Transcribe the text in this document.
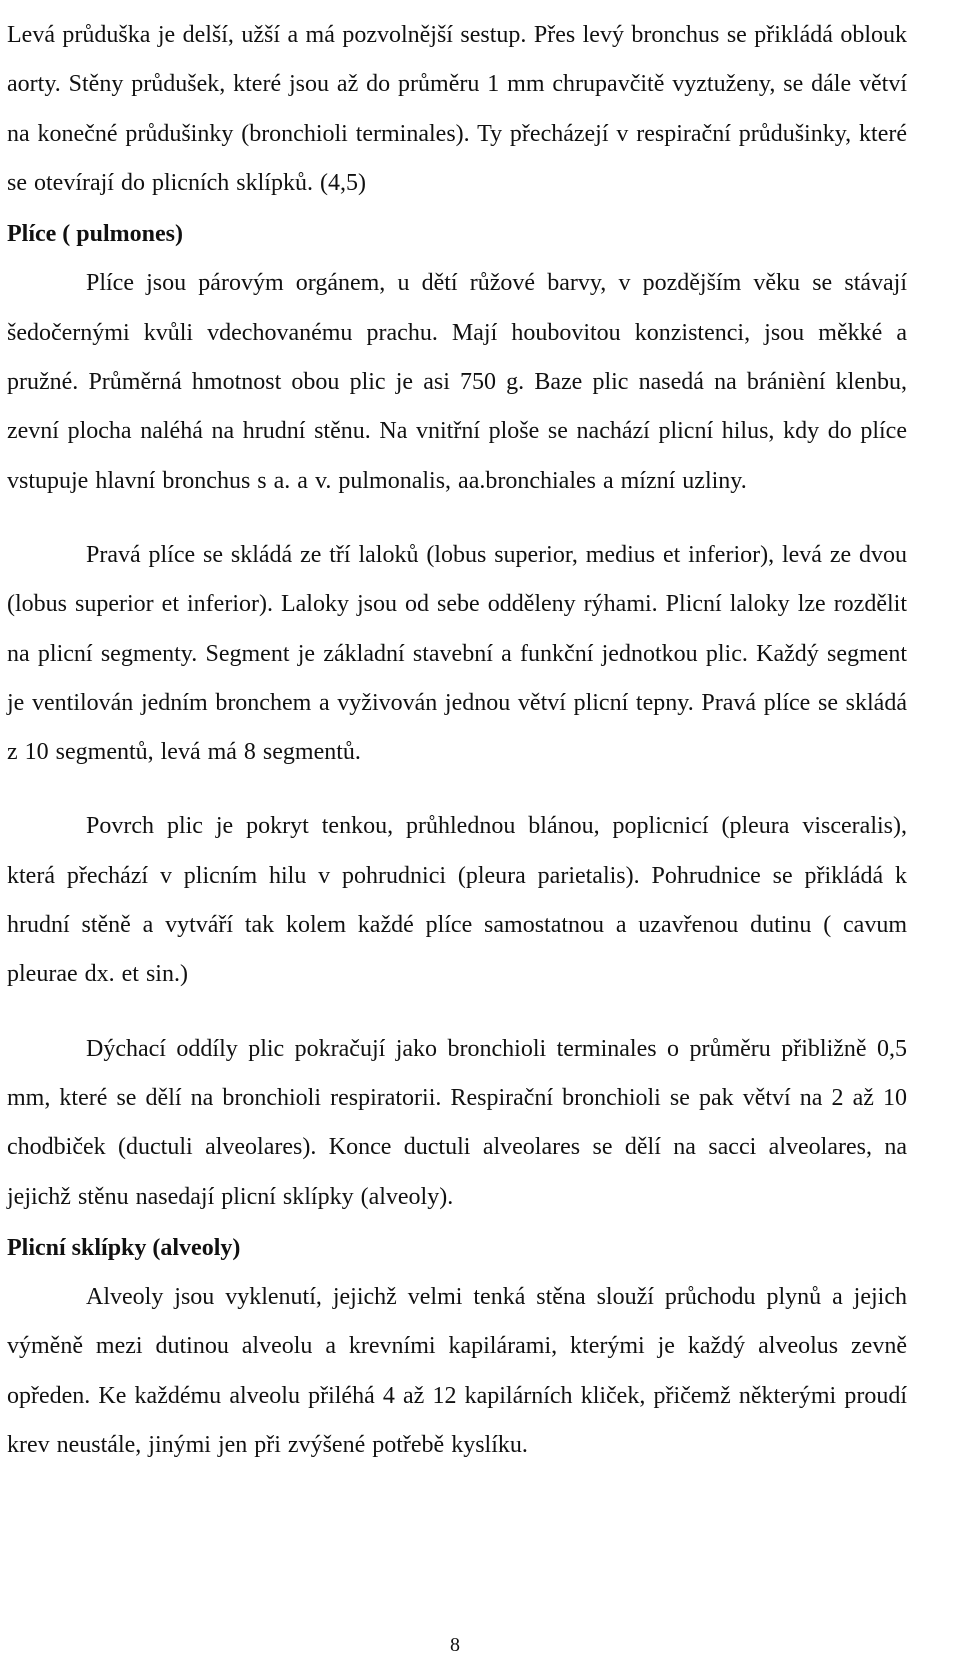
Levá průduška je delší, užší a má pozvolnější sestup. Přes levý bronchus se přikládá oblouk aorty. Stěny průdušek, které jsou až do průměru 1 mm chrupavčitě vyztuženy, se dále větví na konečné průdušinky (bronchioli terminales). Ty přecházejí v respirační průdušinky, které se otevírají do plicních sklípků. (4,5)

Plíce ( pulmones)

Plíce jsou párovým orgánem, u dětí růžové barvy, v pozdějším věku se stávají šedočernými kvůli vdechovanému prachu. Mají houbovitou konzistenci, jsou měkké a pružné. Průměrná hmotnost obou plic je asi 750 g. Baze plic nasedá na bránièní klenbu, zevní plocha naléhá na hrudní stěnu. Na vnitřní ploše se nachází plicní hilus, kdy do plíce vstupuje hlavní bronchus s a. a v. pulmonalis, aa.bronchiales a mízní uzliny.

Pravá plíce se skládá ze tří laloků (lobus superior, medius et inferior), levá ze dvou (lobus superior et inferior). Laloky jsou od sebe odděleny rýhami. Plicní laloky lze rozdělit na plicní segmenty. Segment je základní stavební a funkční jednotkou plic. Každý segment je ventilován jedním bronchem a vyživován jednou větví plicní tepny. Pravá plíce se skládá z 10 segmentů, levá má 8 segmentů.

Povrch plic je pokryt tenkou, průhlednou blánou, poplicnicí (pleura visceralis), která přechází v plicním hilu v pohrudnici (pleura parietalis). Pohrudnice se přikládá k hrudní stěně a vytváří tak kolem každé plíce samostatnou a uzavřenou dutinu ( cavum pleurae dx. et sin.)

Dýchací oddíly plic pokračují jako bronchioli terminales o průměru přibližně 0,5 mm, které se dělí na bronchioli respiratorii. Respirační bronchioli se pak větví na 2 až 10 chodbiček (ductuli alveolares). Konce ductuli alveolares se dělí na sacci alveolares, na jejichž stěnu nasedají plicní sklípky (alveoly).

Plicní sklípky (alveoly)

Alveoly jsou vyklenutí, jejichž velmi tenká stěna slouží průchodu plynů a jejich výměně mezi dutinou alveolu a krevními kapilárami, kterými je každý alveolus zevně opředen. Ke každému alveolu přiléhá 4 až 12 kapilárních kliček, přičemž některými proudí krev neustále, jinými jen při zvýšené potřebě kyslíku.

8
